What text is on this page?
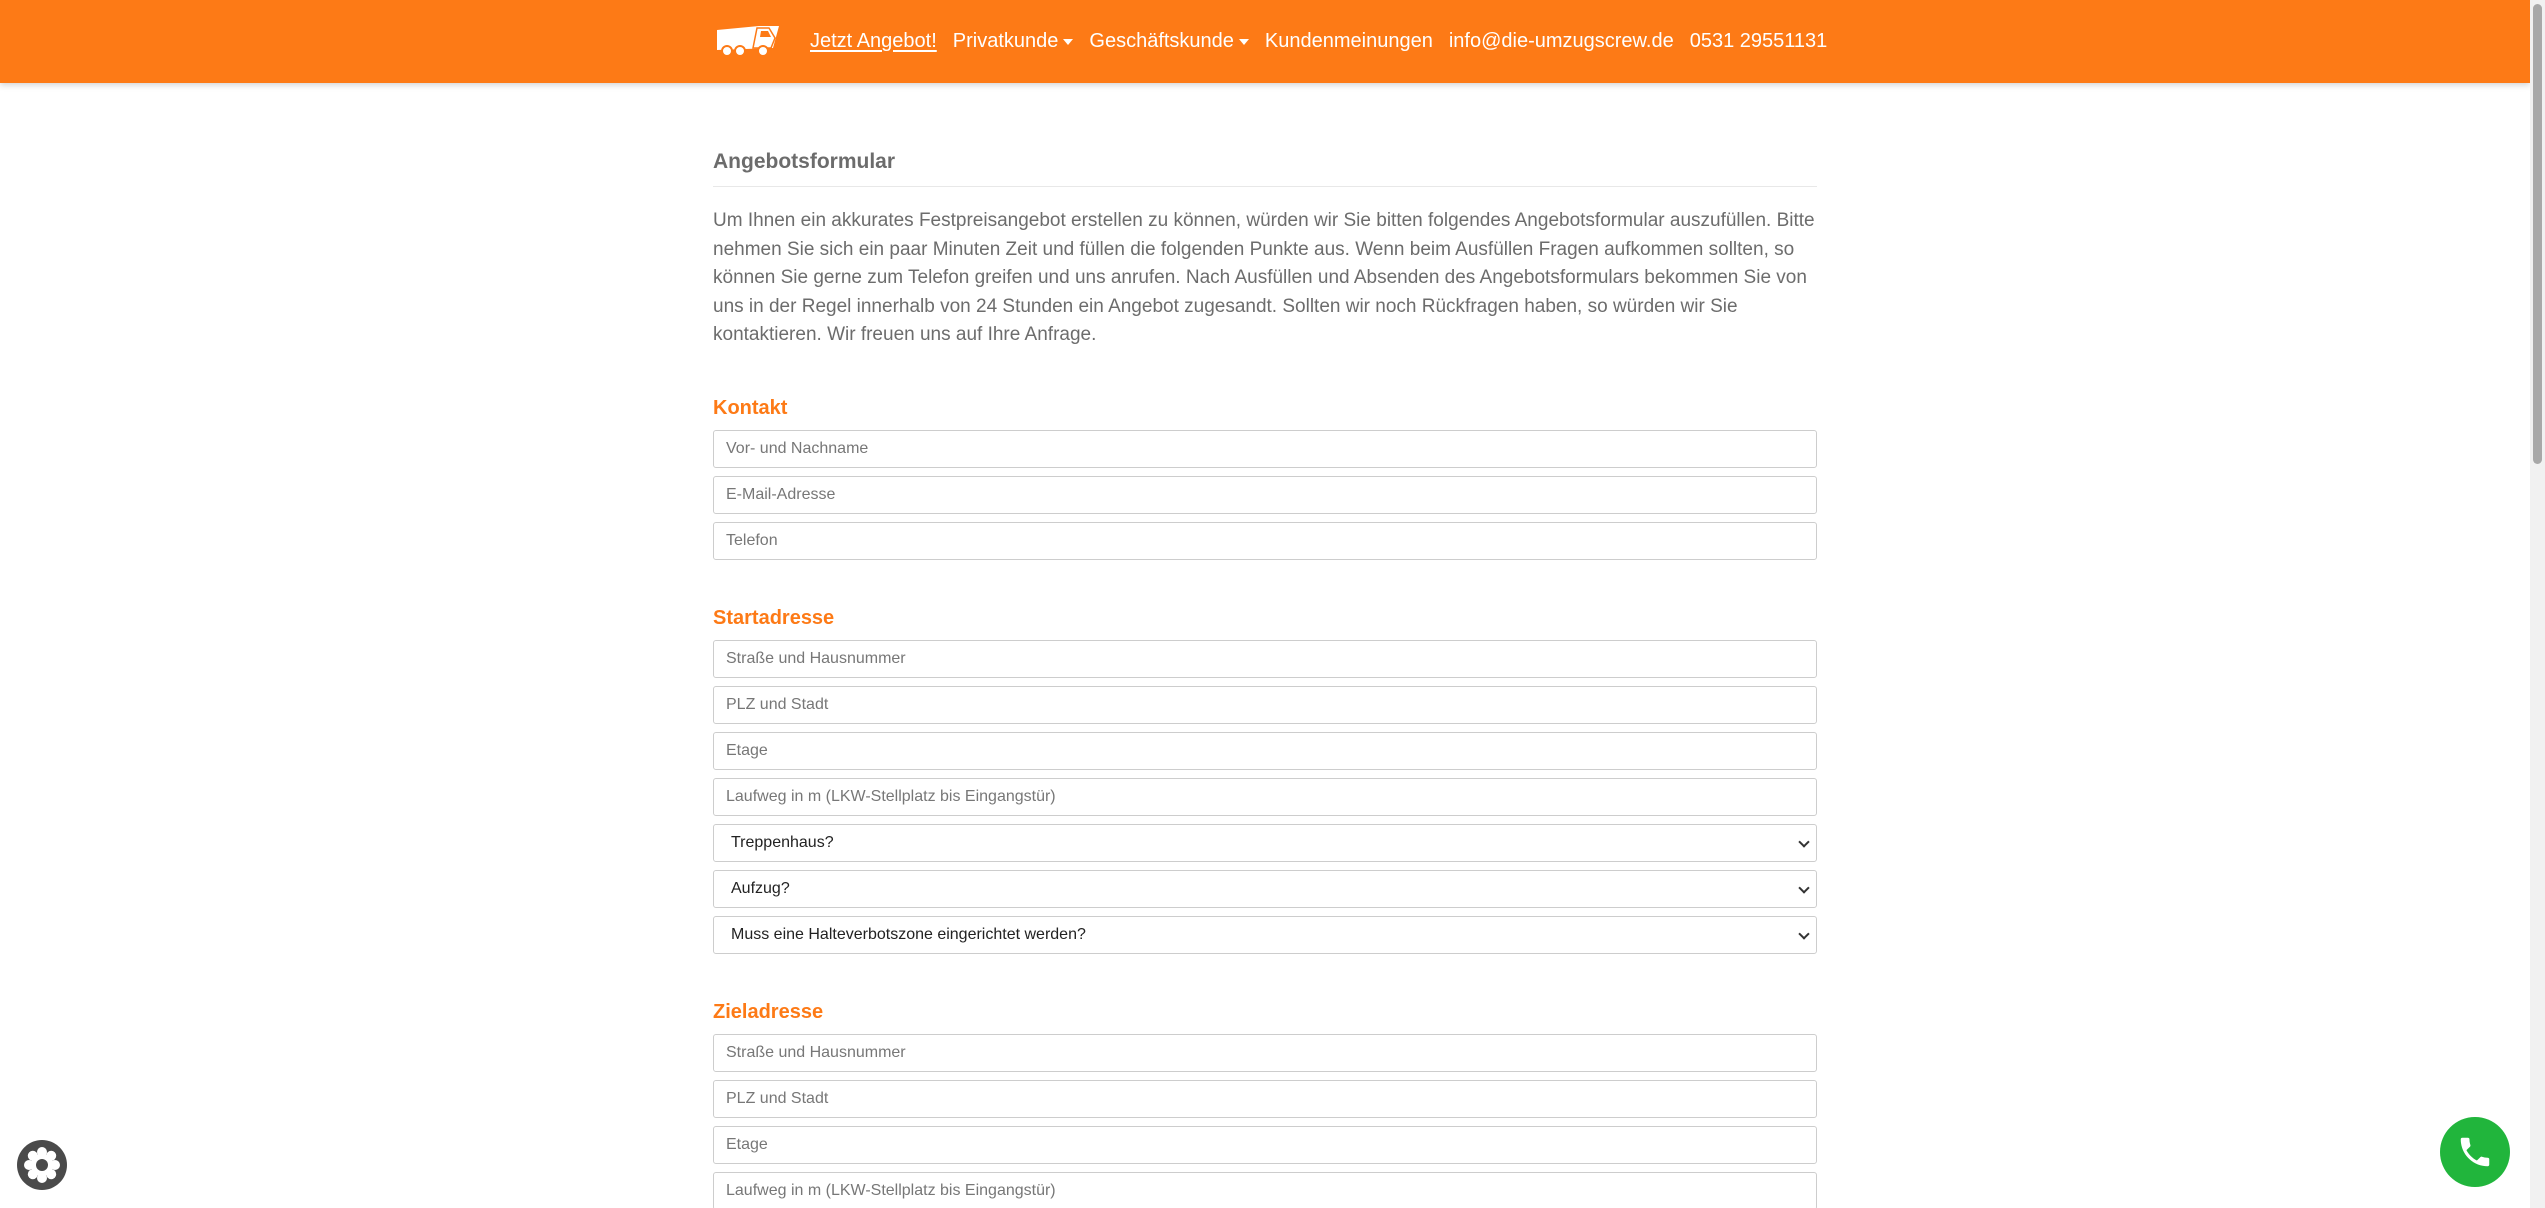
Jetzt Angebot! Privatkunde Geschäftskunde Kundenmeinungen info@die-umzugscrew.de 0531 29551131
Angebotsformular

Um Ihnen ein akkurates Festpreisangebot erstellen zu können, würden wir Sie bitten folgendes Angebotsformular auszufüllen. Bitte nehmen Sie sich ein paar Minuten Zeit und füllen die folgenden Punkte aus. Wenn beim Ausfüllen Fragen aufkommen sollten, so können Sie gerne zum Telefon greifen und uns anrufen. Nach Ausfüllen und Absenden des Angebotsformulars bekommen Sie von uns in der Regel innerhalb von 24 Stunden ein Angebot zugesandt. Sollten wir noch Rückfragen haben, so würden wir Sie kontaktieren. Wir freuen uns auf Ihre Anfrage.

Kontakt
Vor- und Nachname
E-Mail-Adresse
Telefon
Startadresse
Straße und Hausnummer
PLZ und Stadt
Etage
Laufweg in m (LKW-Stellplatz bis Eingangstür)
Treppenhaus?
Aufzug?
Muss eine Halteverbotszone eingerichtet werden?
Zieladresse
Straße und Hausnummer
PLZ und Stadt
Etage
Laufweg in m (LKW-Stellplatz bis Eingangstür)
